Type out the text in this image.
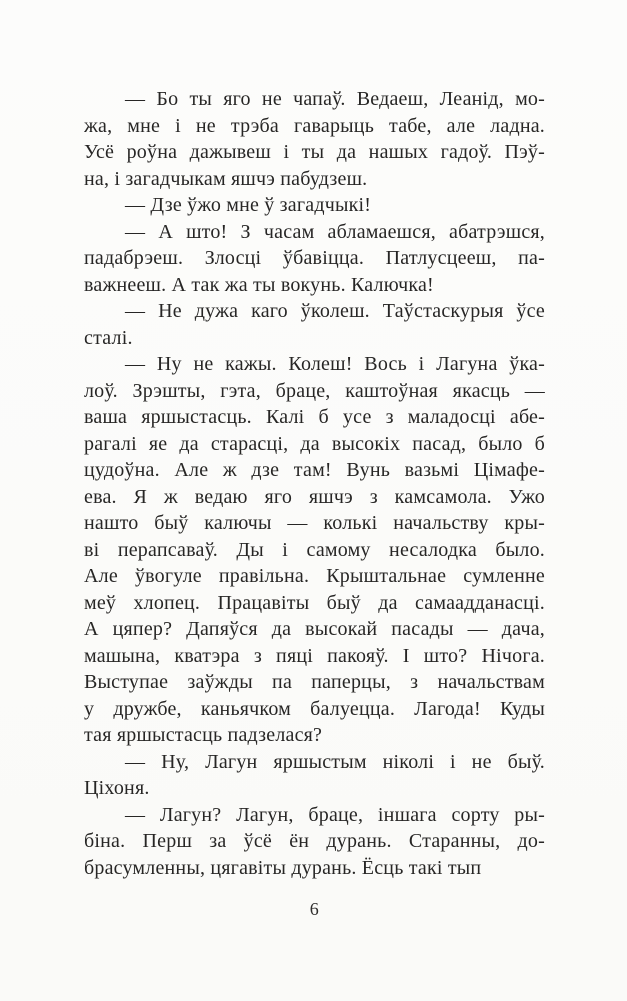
— Бо ты яго не чапаў. Ведаеш, Леанід, мо-
жа, мне і не трэба гаварыць табе, але ладна.
Усё роўна дажывеш і ты да нашых гадоў. Пэў-
на, і загадчыкам яшчэ пабудзеш.
— Дзе ўжо мне ў загадчыкі!
— А што! З часам абламаешся, абатрэшся,
падабрэеш. Злосці ўбавіцца. Патлусцееш, па-
важнееш. А так жа ты вокунь. Калючка!
— Не дужа каго ўколеш. Таўстаскурыя ўсе
сталі.
— Ну не кажы. Колеш! Вось і Лагуна ўка-
лоў. Зрэшты, гэта, браце, каштоўная якасць —
ваша яршыстасць. Калі б усе з маладосці абе-
рагалі яе да старасці, да высокіх пасад, было б
цудоўна. Але ж дзе там! Вунь вазьмі Цімафе-
ева. Я ж ведаю яго яшчэ з камсамола. Ужо
нашто быў калючы — колькі начальству кры-
ві перапсаваў. Ды і самому несалодка было.
Але ўвогуле правільна. Крыштальнае сумленне
меў хлопец. Працавіты быў да самаадданасці.
А цяпер? Дапяўся да высокай пасады — дача,
машына, кватэра з пяці пакояў. І што? Нічога.
Выступае заўжды па паперцы, з начальствам
у дружбе, каньячком балуецца. Лагода! Куды
тая яршыстасць падзелася?
— Ну, Лагун яршыстым ніколі і не быў.
Ціхоня.
— Лагун? Лагун, браце, іншага сорту ры-
біна. Перш за ўсё ён дурань. Старанны, до-
брасумленны, цягавіты дурань. Ёсць такі тып
6
